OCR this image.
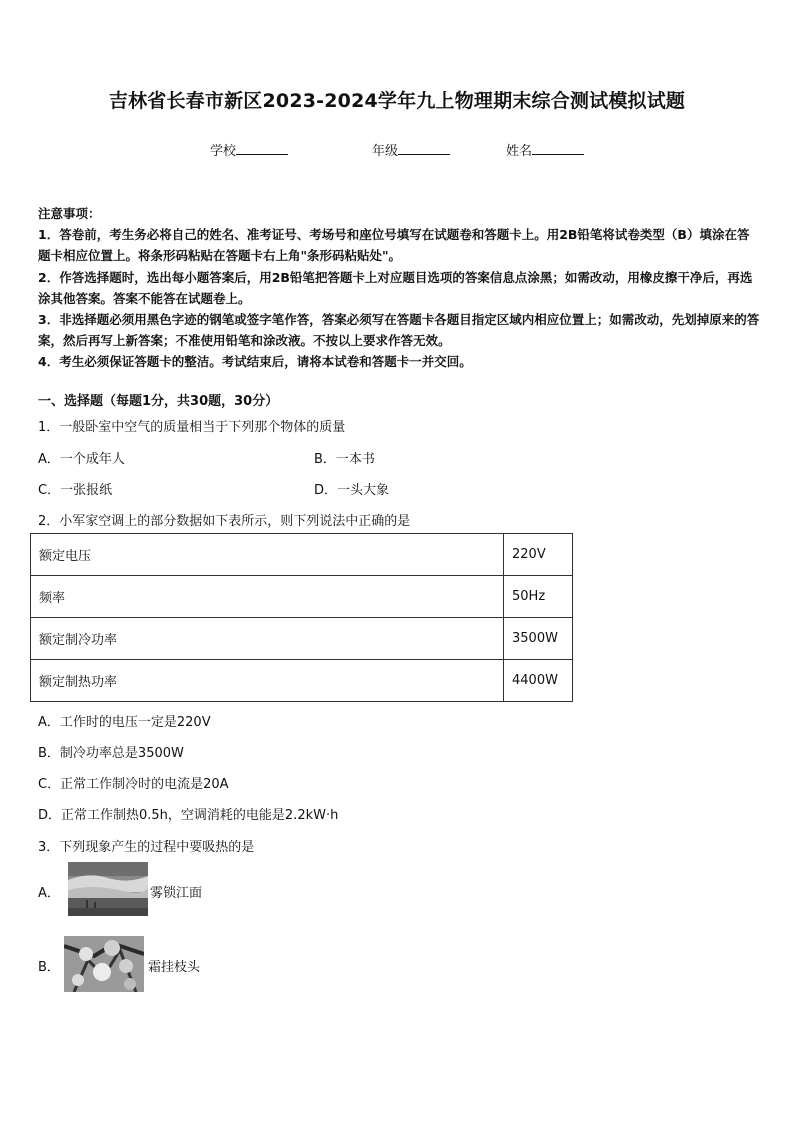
吉林省长春市新区2023-2024学年九上物理期末综合测试模拟试题
学校	年级	姓名

注意事项：

1．答卷前，考生务必将自己的姓名、准考证号、考场号和座位号填写在试题卷和答题卡上。用2B铅笔将试卷类型（B）填涂在答题卡相应位置上。将条形码粘贴在答题卡右上角"条形码粘贴处"。

2．作答选择题时，选出每小题答案后，用2B铅笔把答题卡上对应题目选项的答案信息点涂黑；如需改动，用橡皮擦干净后，再选涂其他答案。答案不能答在试题卷上。

3．非选择题必须用黑色字迹的钢笔或签字笔作答，答案必须写在答题卡各题目指定区域内相应位置上；如需改动，先划掉原来的答案，然后再写上新答案；不准使用铅笔和涂改液。不按以上要求作答无效。

4．考生必须保证答题卡的整洁。考试结束后，请将本试卷和答题卡一并交回。

一、选择题（每题1分，共30题，30分）
1．一般卧室中空气的质量相当于下列那个物体的质量
A．一个成年人	B．一本书
C．一张报纸	D．一头大象
2．小军家空调上的部分数据如下表所示，则下列说法中正确的是
额定电压	220V
频率	50Hz
额定制冷功率	3500W
额定制热功率	4400W
A．工作时的电压一定是220V
B．制冷功率总是3500W
C．正常工作制冷时的电流是20A
D．正常工作制热0.5h，空调消耗的电能是2.2kW·h
3．下列现象产生的过程中要吸热的是
A．	雾锁江面
B．	霜挂枝头
